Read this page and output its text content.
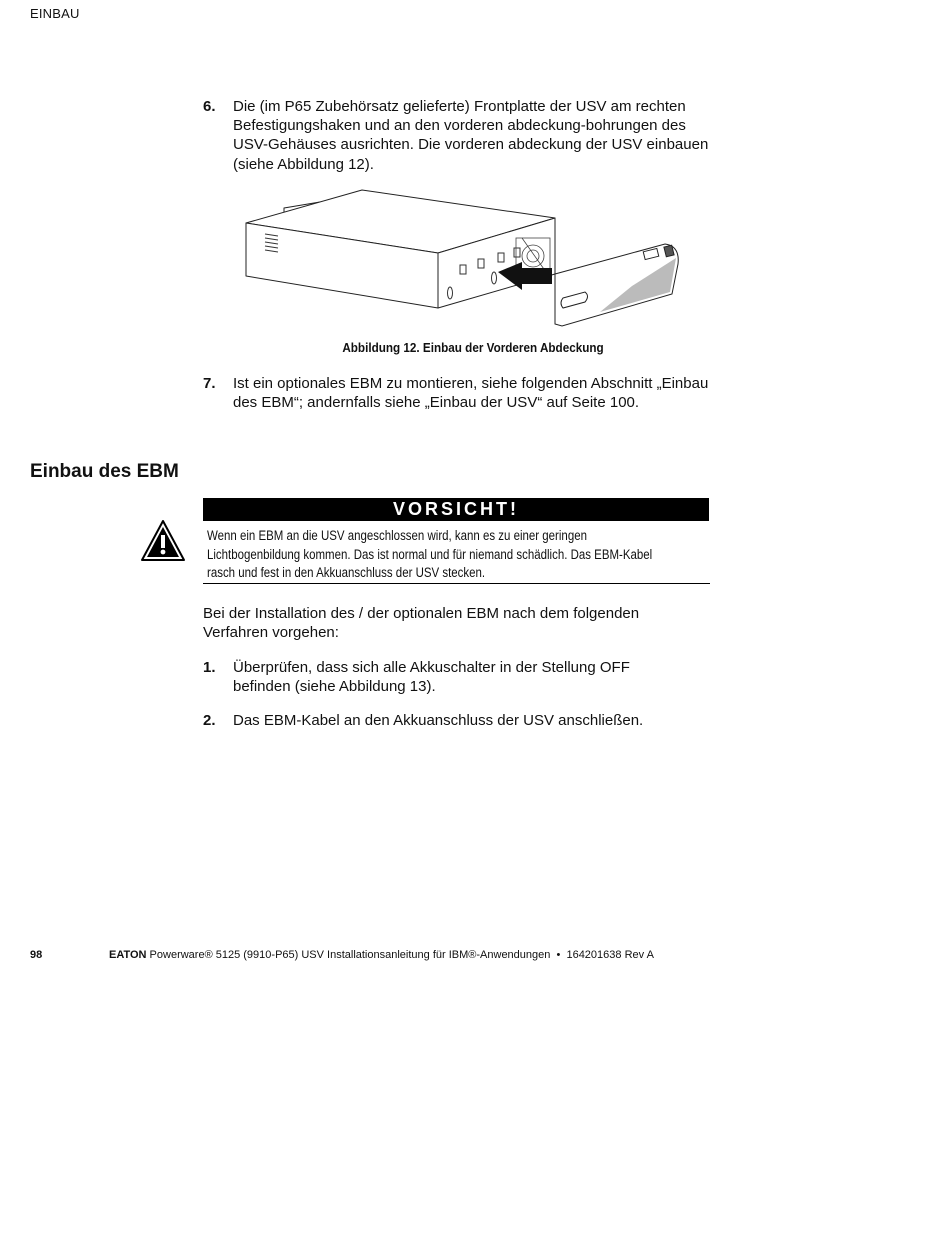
EINBAU
6. Die (im P65 Zubehörsatz gelieferte) Frontplatte der USV am rechten Befestigungshaken und an den vorderen abdeckung-bohrungen des USV-Gehäuses ausrichten. Die vorderen abdeckung der USV einbauen (siehe Abbildung 12).
Abbildung 12. Einbau der Vorderen Abdeckung
7. Ist ein optionales EBM zu montieren, siehe folgenden Abschnitt „Einbau des EBM“; andernfalls siehe „Einbau der USV“ auf Seite 100.
Einbau des EBM
VORSICHT!
Wenn ein EBM an die USV angeschlossen wird, kann es zu einer geringen Lichtbogenbildung kommen. Das ist normal und für niemand schädlich. Das EBM-Kabel rasch und fest in den Akkuanschluss der USV stecken.
Bei der Installation des / der optionalen EBM nach dem folgenden Verfahren vorgehen:
1. Überprüfen, dass sich alle Akkuschalter in der Stellung OFF befinden (siehe Abbildung 13).
2. Das EBM-Kabel an den Akkuanschluss der USV anschließen.
98	EATON Powerware® 5125 (9910-P65) USV Installationsanleitung für IBM®-Anwendungen  •  164201638 Rev A
